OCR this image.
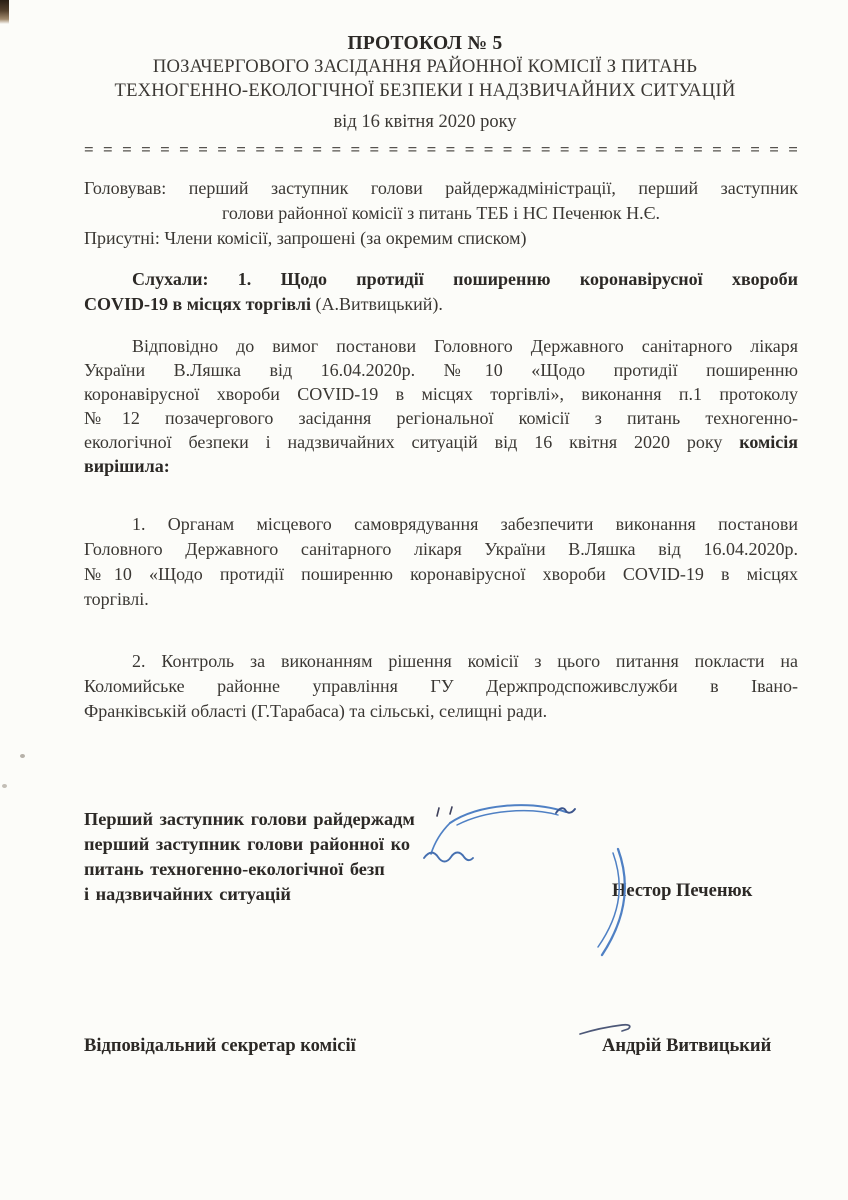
ПРОТОКОЛ № 5
ПОЗАЧЕРГОВОГО ЗАСІДАННЯ РАЙОННОЇ КОМІСІЇ З ПИТАНЬ
ТЕХНОГЕННО-ЕКОЛОГІЧНОЇ БЕЗПЕКИ І НАДЗВИЧАЙНИХ СИТУАЦІЙ
від 16 квітня 2020 року
= = = = = = = = = = = = = = = = = = = = = = = = = = = = = = = = = = = = = =
Головував: перший заступник голови райдержадміністрації, перший заступник
голови районної комісії з питань ТЕБ і НС Печенюк Н.Є.
Присутні: Члени комісії, запрошені (за окремим списком)
Слухали: 1. Щодо протидії поширенню коронавірусної хвороби
COVID-19 в місцях торгівлі (А.Витвицький).
Відповідно до вимог постанови Головного Державного санітарного лікаря
України В.Ляшка від 16.04.2020р. №10 «Щодо протидії поширенню
коронавірусної хвороби COVID-19 в місцях торгівлі», виконання п.1 протоколу
№12 позачергового засідання регіональної комісії з питань техногенно-
екологічної безпеки і надзвичайних ситуацій від 16 квітня 2020 року комісія
вирішила:
1. Органам місцевого самоврядування забезпечити виконання постанови
Головного Державного санітарного лікаря України В.Ляшка від 16.04.2020р.
№10 «Щодо протидії поширенню коронавірусної хвороби COVID-19 в місцях
торгівлі.
2. Контроль за виконанням рішення комісії з цього питання покласти на
Коломийське районне управління ГУ Держпродспоживслужби в Івано-
Франківській області (Г.Тарабаса) та сільські, селищні ради.
Перший заступник голови райдержадм
перший заступник голови районної ко
питань техногенно-екологічної безп
і надзвичайних ситуацій	Нестор Печенюк
Відповідальний секретар комісії	Андрій Витвицький
